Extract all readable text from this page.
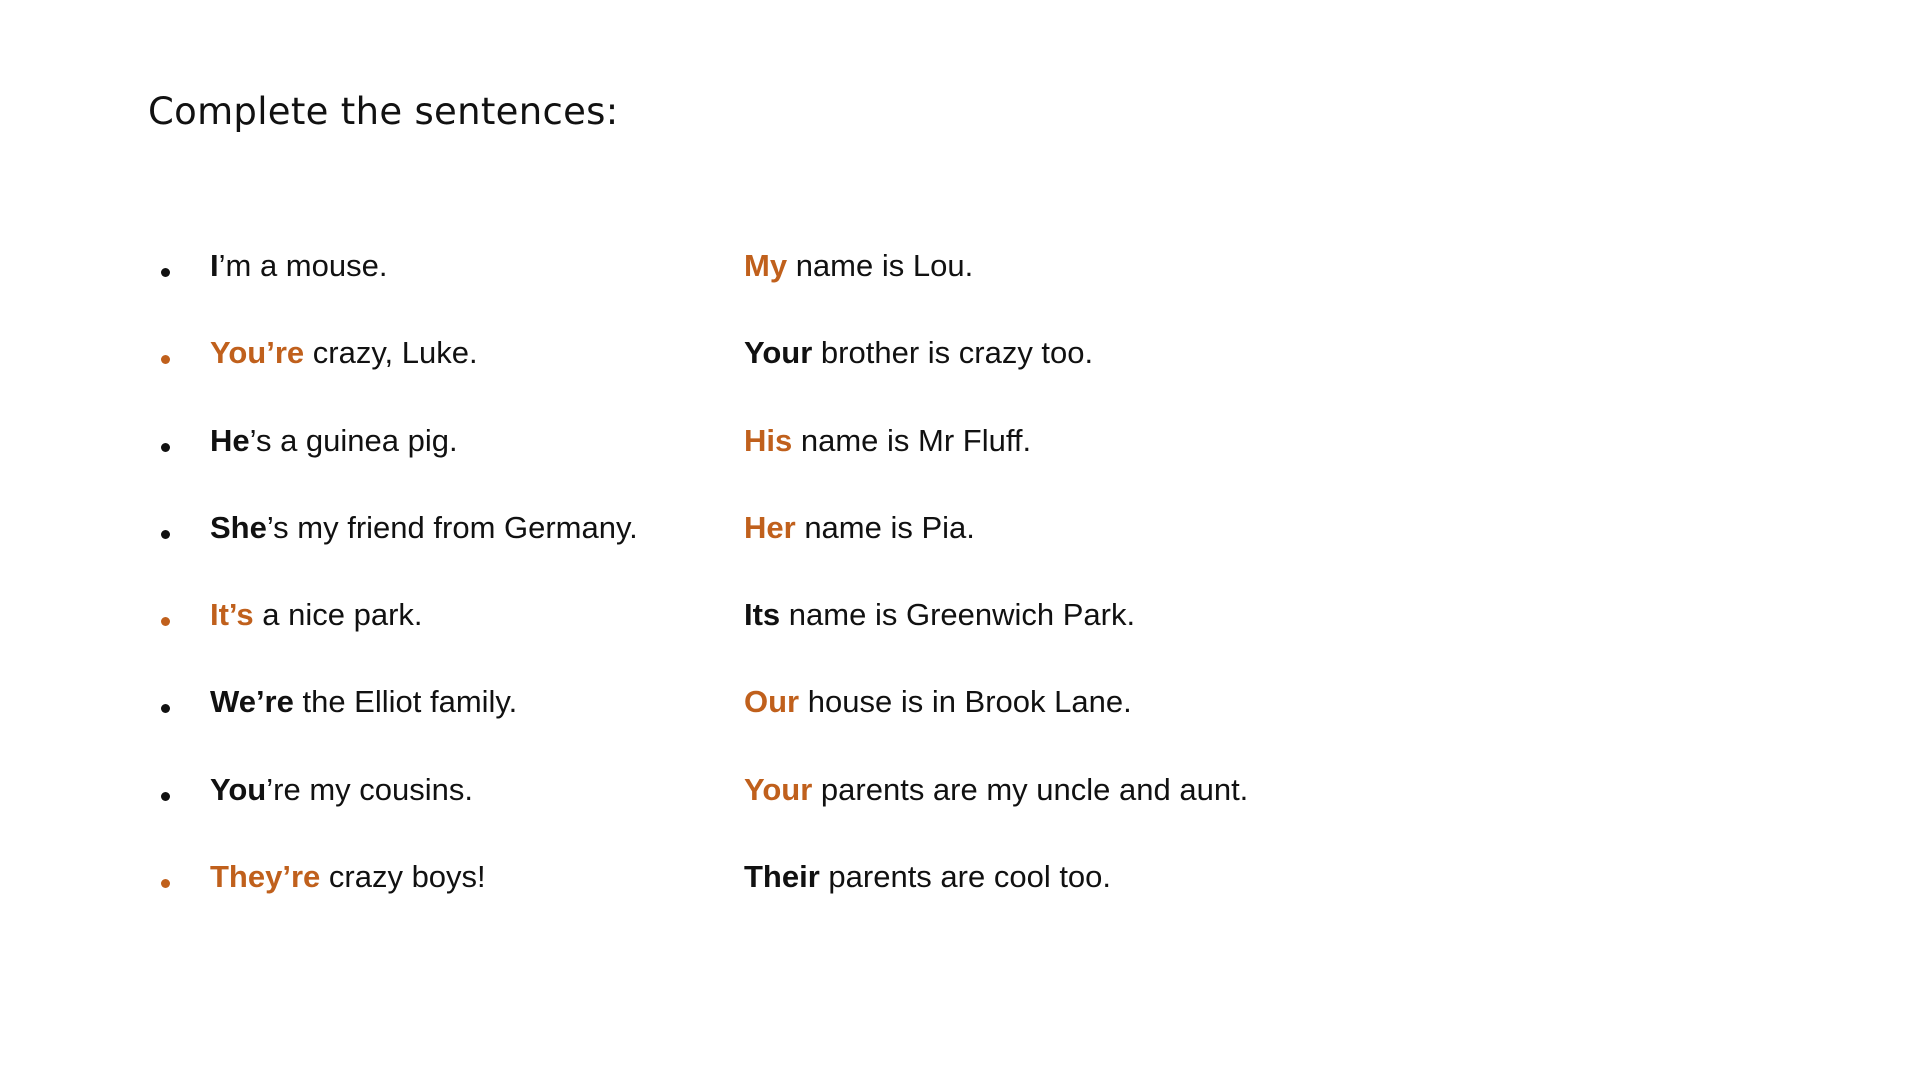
Complete the sentences:
I’m a mouse.	My name is Lou.
You’re crazy, Luke.	Your brother is crazy too.
He’s a guinea pig.	His name is Mr Fluff.
She’s my friend from Germany.	Her name is Pia.
It’s a nice park.	Its name is Greenwich Park.
We’re the Elliot family.	Our house is in Brook Lane.
You’re my cousins.	Your parents are my uncle and aunt.
They’re crazy boys!	Their parents are cool too.
